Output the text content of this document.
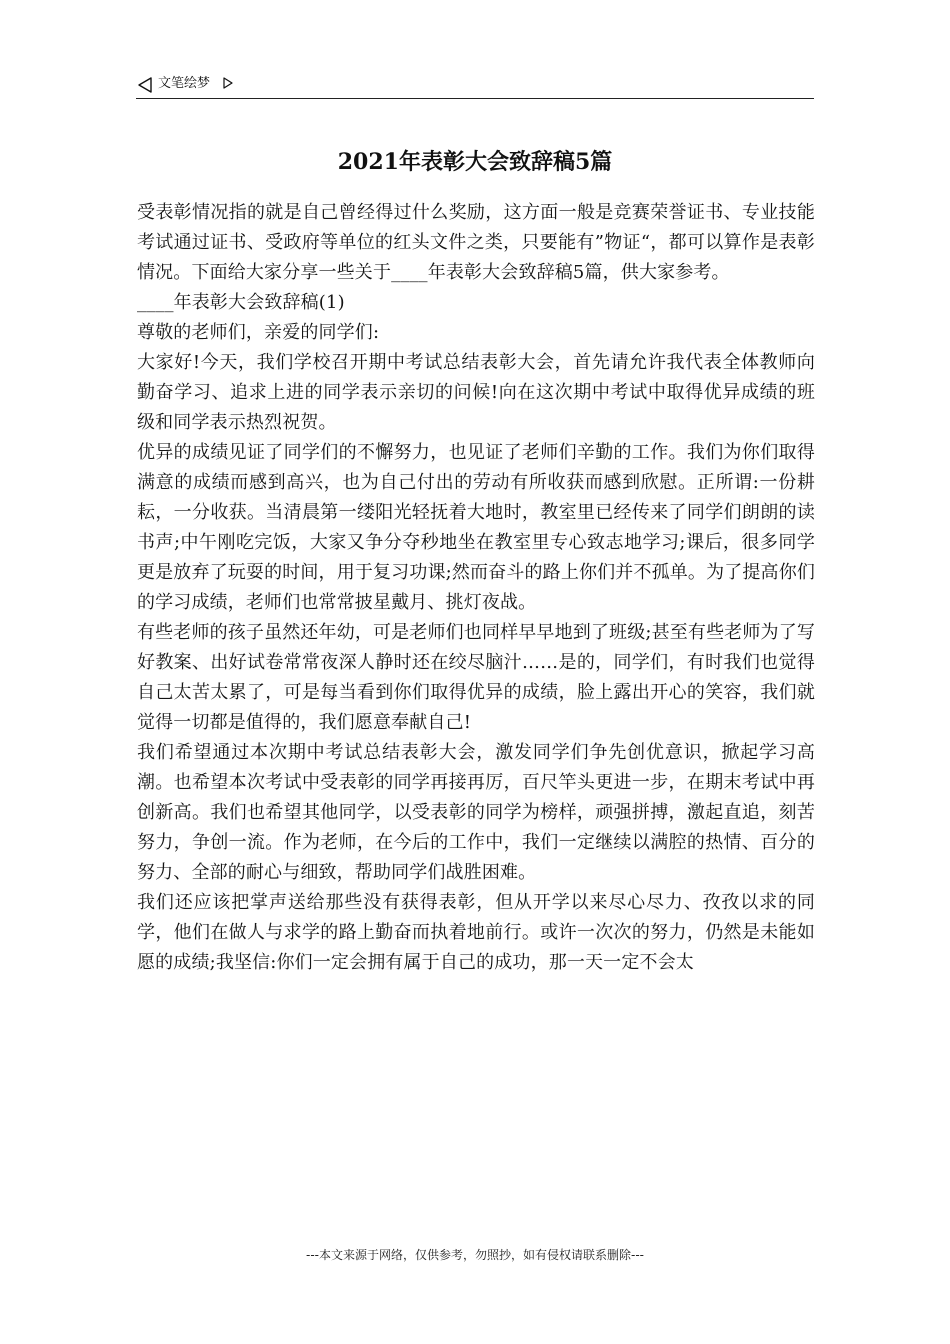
文笔绘梦
2021年表彰大会致辞稿5篇

受表彰情况指的就是自己曾经得过什么奖励，这方面一般是竞赛荣誉证书、专业技能考试通过证书、受政府等单位的红头文件之类，只要能有”物证“，都可以算作是表彰情况。下面给大家分享一些关于____年表彰大会致辞稿5篇，供大家参考。

____年表彰大会致辞稿(1)

尊敬的老师们，亲爱的同学们:

大家好!今天，我们学校召开期中考试总结表彰大会，首先请允许我代表全体教师向勤奋学习、追求上进的同学表示亲切的问候!向在这次期中考试中取得优异成绩的班级和同学表示热烈祝贺。

优异的成绩见证了同学们的不懈努力，也见证了老师们辛勤的工作。我们为你们取得满意的成绩而感到高兴，也为自己付出的劳动有所收获而感到欣慰。正所谓:一份耕耘，一分收获。当清晨第一缕阳光轻抚着大地时，教室里已经传来了同学们朗朗的读书声;中午刚吃完饭，大家又争分夺秒地坐在教室里专心致志地学习;课后，很多同学更是放弃了玩耍的时间，用于复习功课;然而奋斗的路上你们并不孤单。为了提高你们的学习成绩，老师们也常常披星戴月、挑灯夜战。

有些老师的孩子虽然还年幼，可是老师们也同样早早地到了班级;甚至有些老师为了写好教案、出好试卷常常夜深人静时还在绞尽脑汁……是的，同学们，有时我们也觉得自己太苦太累了，可是每当看到你们取得优异的成绩，脸上露出开心的笑容，我们就觉得一切都是值得的，我们愿意奉献自己!

我们希望通过本次期中考试总结表彰大会，激发同学们争先创优意识，掀起学习高潮。也希望本次考试中受表彰的同学再接再厉，百尺竿头更进一步，在期末考试中再创新高。我们也希望其他同学，以受表彰的同学为榜样，顽强拼搏，激起直追，刻苦努力，争创一流。作为老师，在今后的工作中，我们一定继续以满腔的热情、百分的努力、全部的耐心与细致，帮助同学们战胜困难。

我们还应该把掌声送给那些没有获得表彰，但从开学以来尽心尽力、孜孜以求的同学，他们在做人与求学的路上勤奋而执着地前行。或许一次次的努力，仍然是未能如愿的成绩;我坚信:你们一定会拥有属于自己的成功，那一天一定不会太

---本文来源于网络，仅供参考，勿照抄，如有侵权请联系删除---
